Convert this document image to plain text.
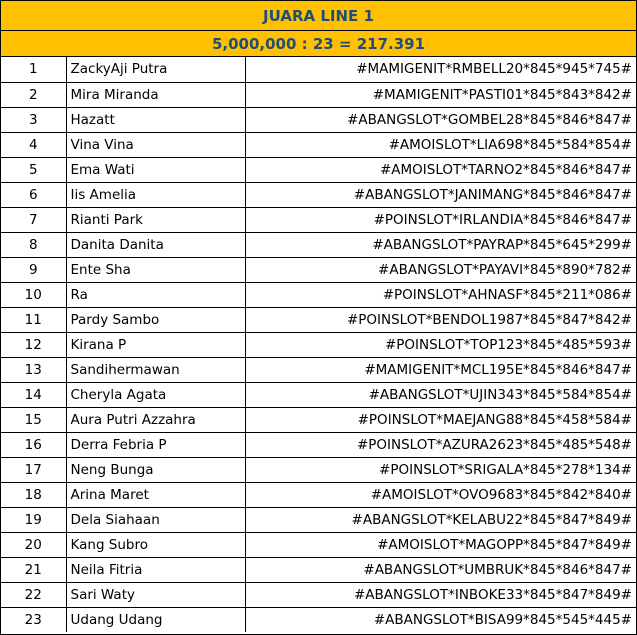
JUARA LINE 1
5,000,000 : 23 = 217.391
1	ZackyAji Putra	#MAMIGENIT*RMBELL20*845*945*745#
2	Mira Miranda	#MAMIGENIT*PASTI01*845*843*842#
3	Hazatt	#ABANGSLOT*GOMBEL28*845*846*847#
4	Vina Vina	#AMOISLOT*LIA698*845*584*854#
5	Ema Wati	#AMOISLOT*TARNO2*845*846*847#
6	Iis Amelia	#ABANGSLOT*JANIMANG*845*846*847#
7	Rianti Park	#POINSLOT*IRLANDIA*845*846*847#
8	Danita Danita	#ABANGSLOT*PAYRAP*845*645*299#
9	Ente Sha	#ABANGSLOT*PAYAVI*845*890*782#
10	Ra	#POINSLOT*AHNASF*845*211*086#
11	Pardy Sambo	#POINSLOT*BENDOL1987*845*847*842#
12	Kirana P	#POINSLOT*TOP123*845*485*593#
13	Sandihermawan	#MAMIGENIT*MCL195E*845*846*847#
14	Cheryla Agata	#ABANGSLOT*UJIN343*845*584*854#
15	Aura Putri Azzahra	#POINSLOT*MAEJANG88*845*458*584#
16	Derra Febria P	#POINSLOT*AZURA2623*845*485*548#
17	Neng Bunga	#POINSLOT*SRIGALA*845*278*134#
18	Arina Maret	#AMOISLOT*OVO9683*845*842*840#
19	Dela Siahaan	#ABANGSLOT*KELABU22*845*847*849#
20	Kang Subro	#AMOISLOT*MAGOPP*845*847*849#
21	Neila Fitria	#ABANGSLOT*UMBRUK*845*846*847#
22	Sari Waty	#ABANGSLOT*INBOKE33*845*847*849#
23	Udang Udang	#ABANGSLOT*BISA99*845*545*445#
